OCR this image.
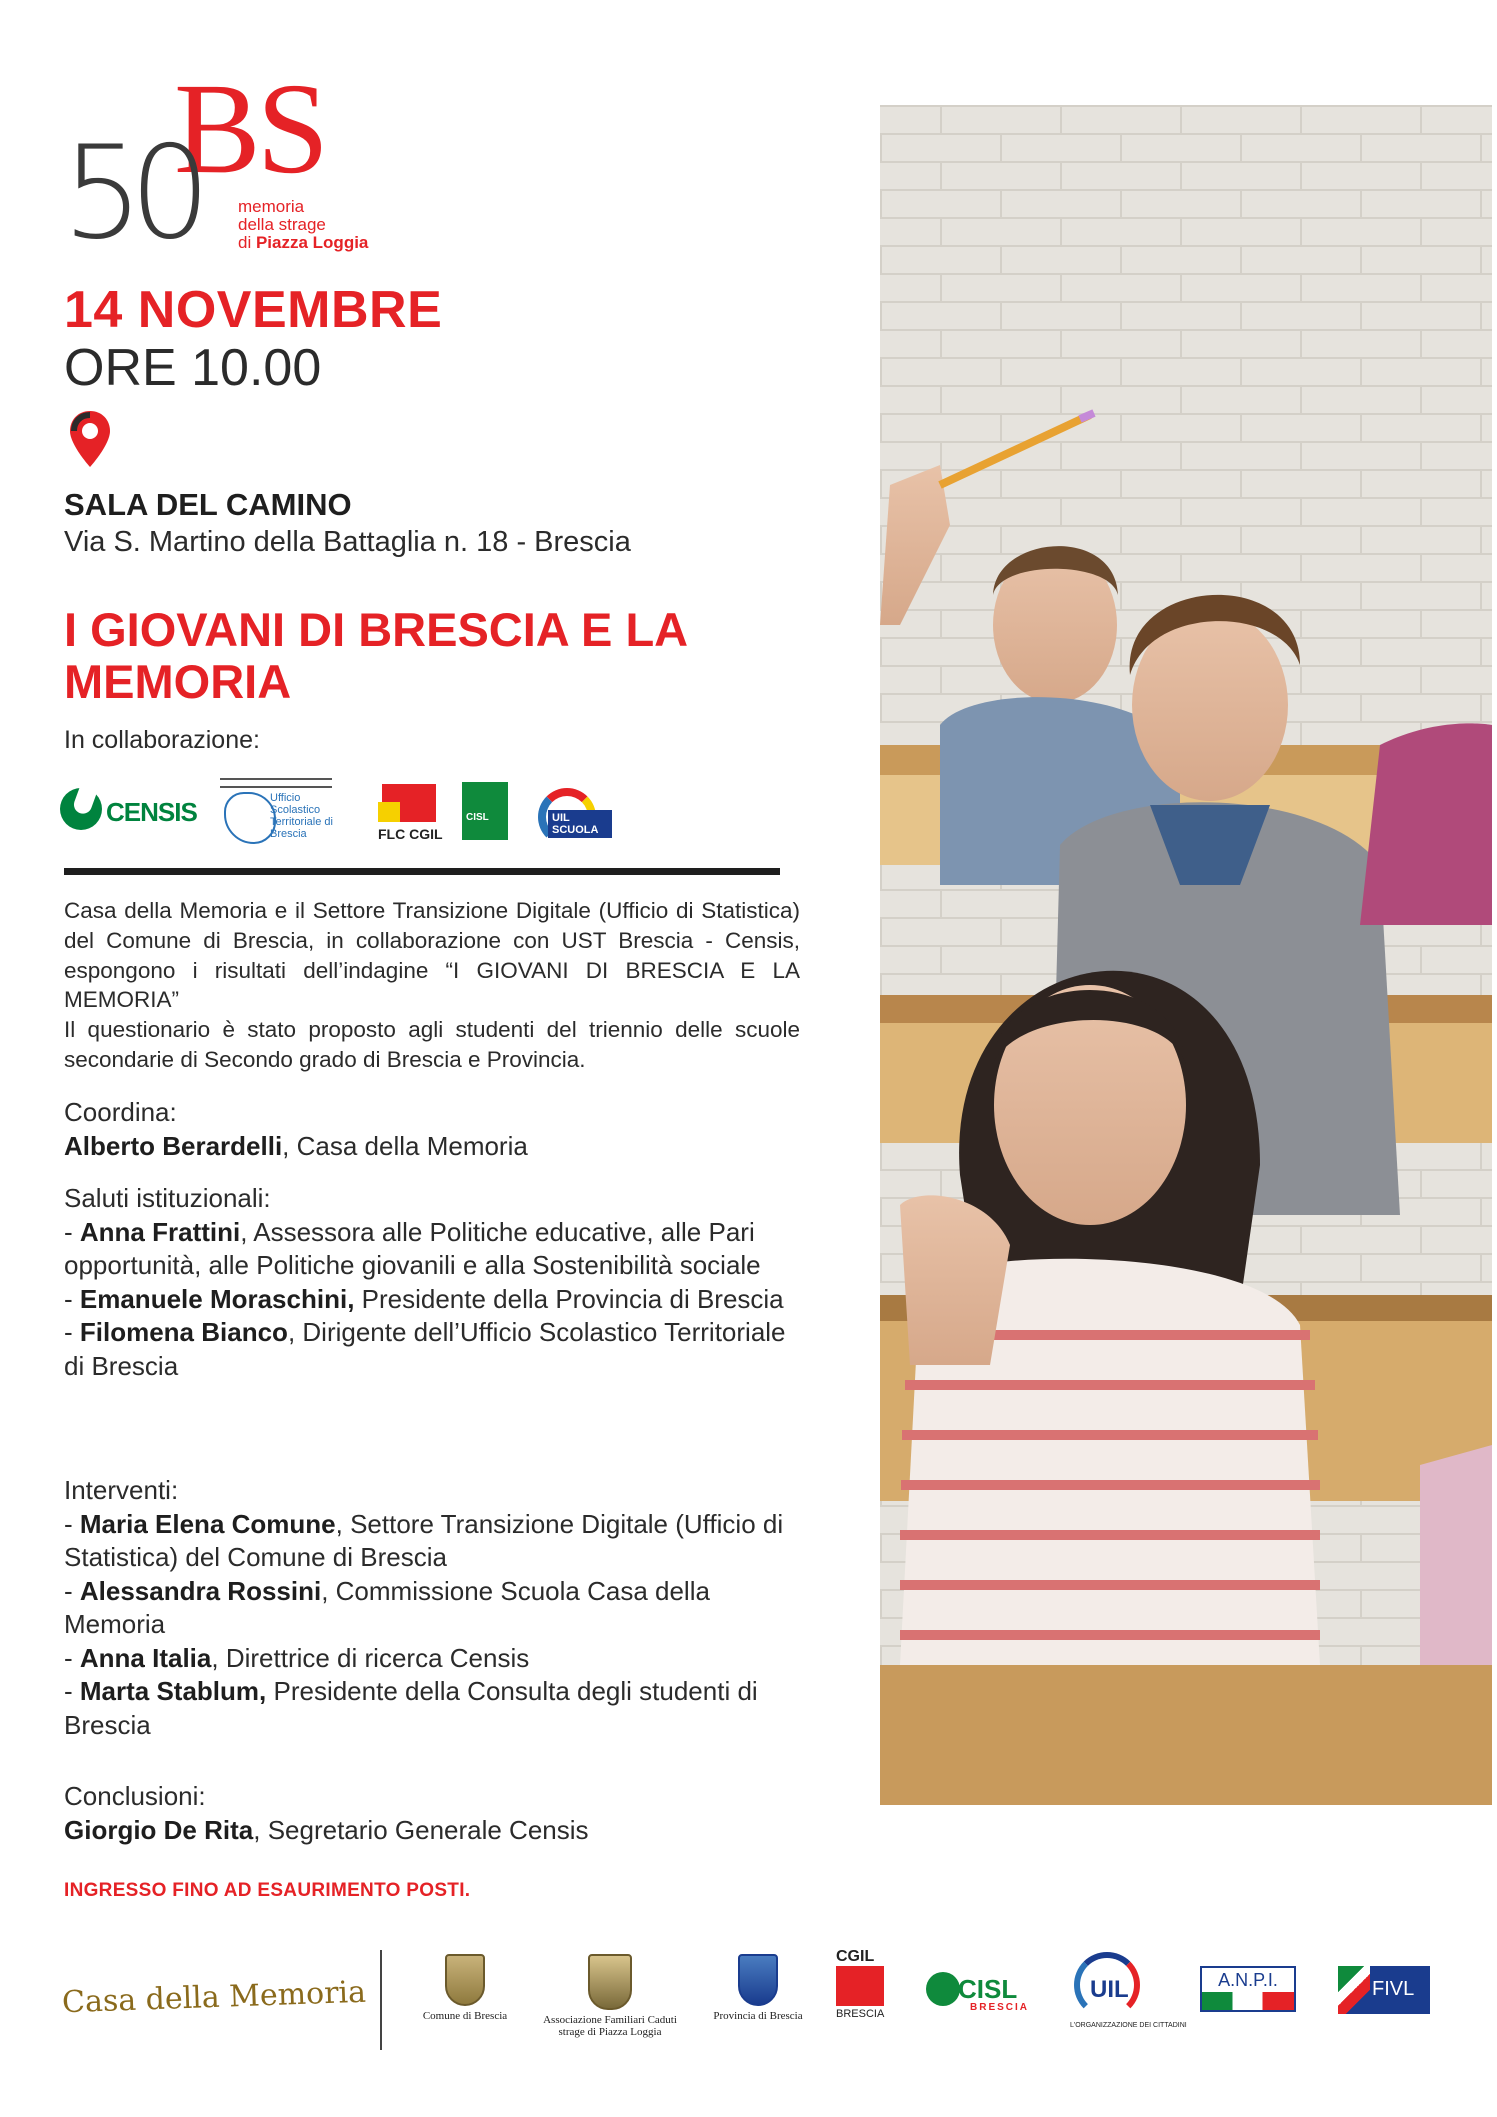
BS
50 memoria
della strage
di Piazza Loggia
14 NOVEMBRE
ORE 10.00
SALA DEL CAMINO
Via S. Martino della Battaglia n. 18 - Brescia
I GIOVANI DI BRESCIA E LA MEMORIA
In collaborazione:
CENSIS	Ufficio Scolastico Territoriale di Brescia	FLC CGIL
CISL	UIL SCUOLA

Casa della Memoria e il Settore Transizione Digitale (Ufficio di Statistica) del Comune di Brescia, in collaborazione con UST Brescia - Censis, espongono i risultati dell’indagine “I GIOVANI DI BRESCIA E LA MEMORIA”

Il questionario è stato proposto agli studenti del triennio delle scuole secondarie di Secondo grado di Brescia e Provincia.

Coordina:
Alberto Berardelli, Casa della Memoria
Saluti istituzionali:
- Anna Frattini, Assessora alle Politiche educative, alle Pari opportunità, alle Politiche giovanili e alla Sostenibilità sociale
- Emanuele Moraschini, Presidente della Provincia di Brescia
- Filomena Bianco, Dirigente dell’Ufficio Scolastico Territoriale di Brescia
Interventi:
- Maria Elena Comune, Settore Transizione Digitale (Ufficio di Statistica) del Comune di Brescia
- Alessandra Rossini, Commissione Scuola Casa della Memoria
- Anna Italia, Direttrice di ricerca Censis
- Marta Stablum, Presidente della Consulta degli studenti di Brescia
Conclusioni:
Giorgio De Rita, Segretario Generale Censis
INGRESSO FINO AD ESAURIMENTO POSTI.
Casa della Memoria	Comune di Brescia	Associazione Familiari Caduti
strage di Piazza Loggia
Provincia di Brescia
CGIL
BRESCIA
CISL
BRESCIA
UIL
L'ORGANIZZAZIONE DEI CITTADINI
A.N.P.I.	FIVL
